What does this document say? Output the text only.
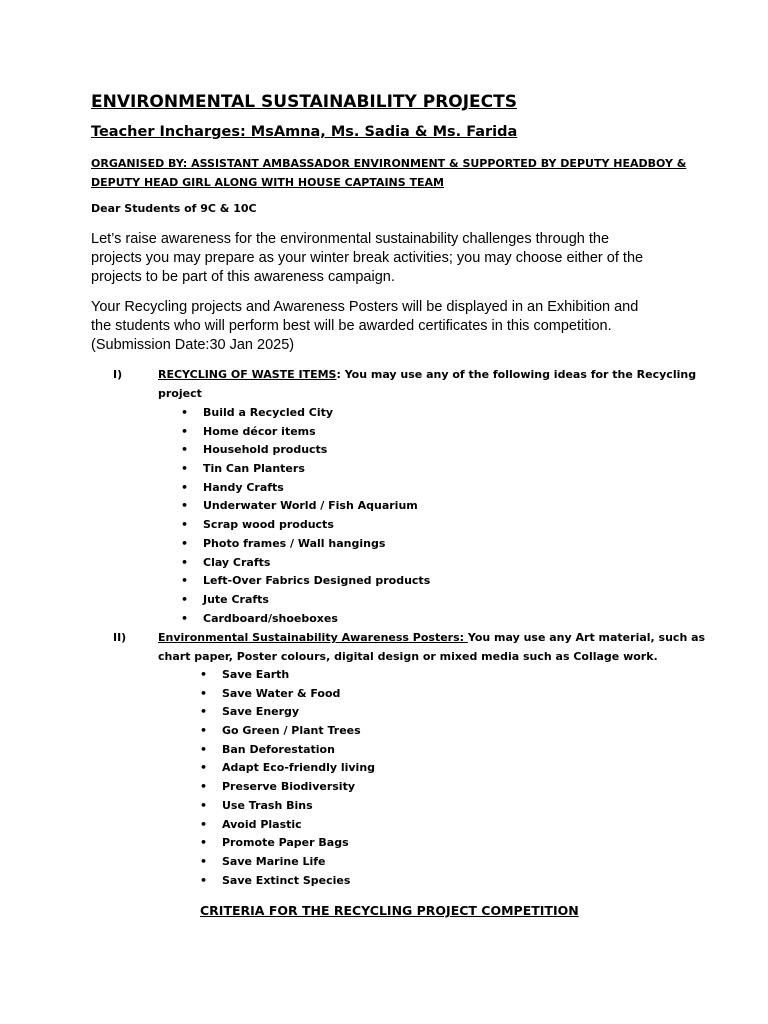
ENVIRONMENTAL SUSTAINABILITY PROJECTS
Teacher Incharges: MsAmna, Ms. Sadia & Ms. Farida
ORGANISED BY: ASSISTANT AMBASSADOR ENVIRONMENT & SUPPORTED BY DEPUTY HEADBOY &
DEPUTY HEAD GIRL ALONG WITH HOUSE CAPTAINS TEAM

Dear Students of 9C & 10C

Let’s raise awareness for the environmental sustainability challenges through the
projects you may prepare as your winter break activities; you may choose either of the
projects to be part of this awareness campaign.
Your Recycling projects and Awareness Posters will be displayed in an Exhibition and
the students who will perform best will be awarded certificates in this competition.
(Submission Date:30 Jan 2025)
I)	RECYCLING OF WASTE ITEMS: You may use any of the following ideas for the Recycling
project
• Build a Recycled City
• Home décor items
• Household products
• Tin Can Planters
• Handy Crafts
• Underwater World / Fish Aquarium
• Scrap wood products
• Photo frames / Wall hangings
• Clay Crafts
• Left-Over Fabrics Designed products
• Jute Crafts
• Cardboard/shoeboxes
II)	Environmental Sustainability Awareness Posters: You may use any Art material, such as
chart paper, Poster colours, digital design or mixed media such as Collage work.
• Save Earth
• Save Water & Food
• Save Energy
• Go Green / Plant Trees
• Ban Deforestation
• Adapt Eco-friendly living
• Preserve Biodiversity
• Use Trash Bins
• Avoid Plastic
• Promote Paper Bags
• Save Marine Life
• Save Extinct Species
CRITERIA FOR THE RECYCLING PROJECT COMPETITION
